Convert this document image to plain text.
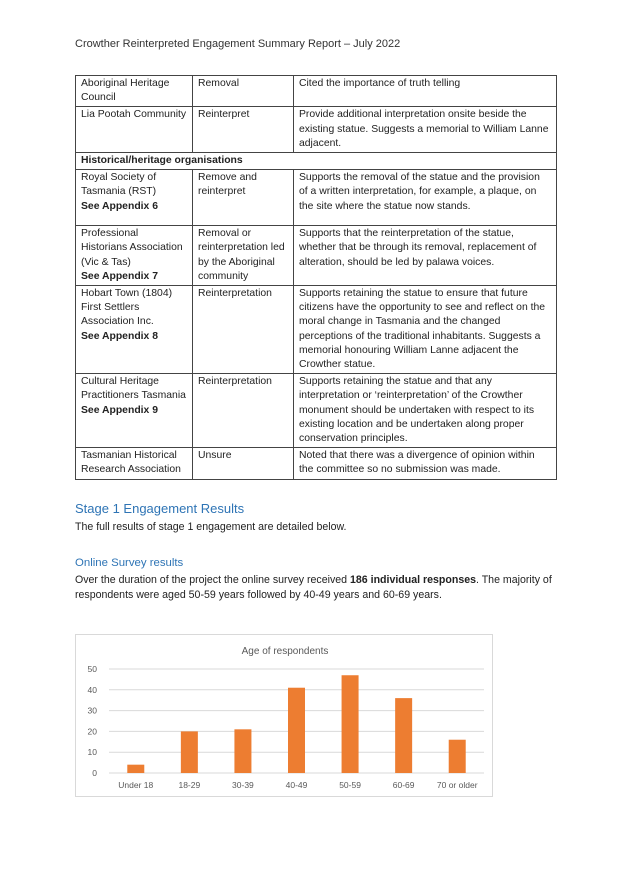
Crowther Reinterpreted Engagement Summary Report – July 2022
Aboriginal Heritage Council	Removal	Cited the importance of truth telling
Lia Pootah Community	Reinterpret	Provide additional interpretation onsite beside the existing statue. Suggests a memorial to William Lanne adjacent.
Historical/heritage organisations		
Royal Society of Tasmania (RST)
See Appendix 6	Remove and reinterpret	Supports the removal of the statue and the provision of a written interpretation, for example, a plaque, on the site where the statue now stands.
Professional Historians Association (Vic & Tas)
See Appendix 7	Removal or reinterpretation led by the Aboriginal community	Supports that the reinterpretation of the statue, whether that be through its removal, replacement of alteration, should be led by palawa voices.
Hobart Town (1804) First Settlers Association Inc.
See Appendix 8	Reinterpretation	Supports retaining the statue to ensure that future citizens have the opportunity to see and reflect on the moral change in Tasmania and the changed perceptions of the traditional inhabitants. Suggests a memorial honouring William Lanne adjacent the Crowther statue.
Cultural Heritage Practitioners Tasmania
See Appendix 9	Reinterpretation	Supports retaining the statue and that any interpretation or ‘reinterpretation’ of the Crowther monument should be undertaken with respect to its existing location and be undertaken along proper conservation principles.
Tasmanian Historical Research Association	Unsure	Noted that there was a divergence of opinion within the committee so no submission was made.
Stage 1 Engagement Results
The full results of stage 1 engagement are detailed below.
Online Survey results
Over the duration of the project the online survey received 186 individual responses. The majority of respondents were aged 50-59 years followed by 40-49 years and 60-69 years.
Age of respondents
0
10
20
30
40
50
Under 18	18-29	30-39	40-49	50-59	60-69	70 or older
